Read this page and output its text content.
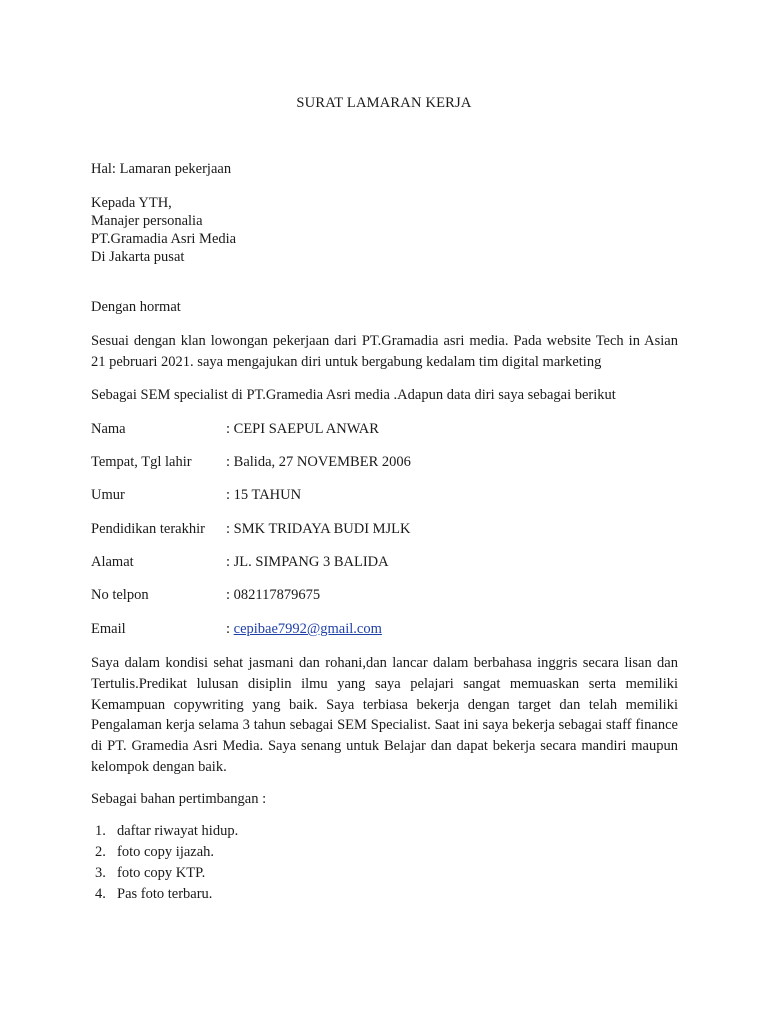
SURAT LAMARAN KERJA
Hal: Lamaran pekerjaan
Kepada YTH,
Manajer personalia
PT.Gramadia Asri Media
Di Jakarta pusat
Dengan hormat
Sesuai dengan klan lowongan pekerjaan dari PT.Gramadia asri media. Pada website Tech in Asian 21 pebruari 2021. saya mengajukan diri untuk bergabung kedalam tim digital marketing
Sebagai SEM specialist di PT.Gramedia Asri media .Adapun data diri saya sebagai berikut
Nama	: CEPI SAEPUL ANWAR
Tempat, Tgl lahir : Balida, 27 NOVEMBER 2006
Umur	: 15 TAHUN
Pendidikan terakhir : SMK TRIDAYA BUDI MJLK
Alamat	: JL. SIMPANG 3 BALIDA
No telpon	: 082117879675
Email	: cepibae7992@gmail.com
Saya dalam kondisi sehat jasmani dan rohani,dan lancar dalam berbahasa inggris secara lisan dan Tertulis.Predikat lulusan disiplin ilmu yang saya pelajari sangat memuaskan serta memiliki Kemampuan copywriting yang baik. Saya terbiasa bekerja dengan target dan telah memiliki Pengalaman kerja selama 3 tahun sebagai SEM Specialist. Saat ini saya bekerja sebagai staff finance di PT. Gramedia Asri Media. Saya senang untuk Belajar dan dapat bekerja secara mandiri maupun kelompok dengan baik.
Sebagai bahan pertimbangan :
1. daftar riwayat hidup.
2. foto copy ijazah.
3. foto copy KTP.
4. Pas foto terbaru.
